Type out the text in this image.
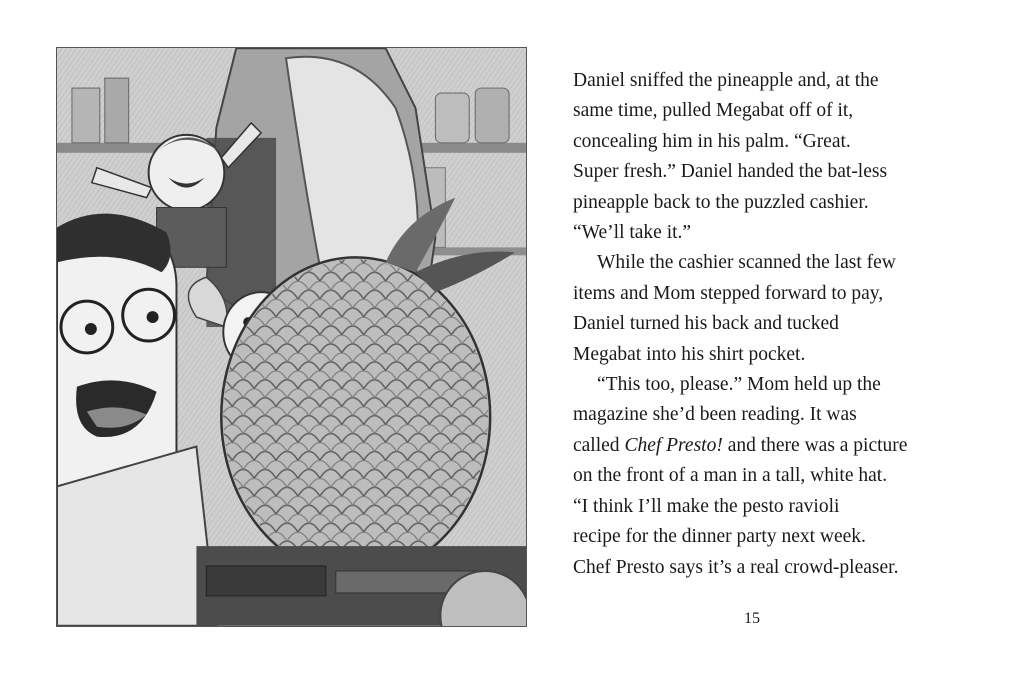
Daniel sniffed the pineapple and, at the

same time, pulled Megabat off of it,

concealing him in his palm. “Great.

Super fresh.” Daniel handed the bat-less

pineapple back to the puzzled cashier.

“We’ll take it.”

While the cashier scanned the last few

items and Mom stepped forward to pay,

Daniel turned his back and tucked

Megabat into his shirt pocket.

“This too, please.” Mom held up the

magazine she’d been reading. It was

called Chef Presto! and there was a picture

on the front of a man in a tall, white hat.

“I think I’ll make the pesto ravioli

recipe for the dinner party next week.

Chef Presto says it’s a real crowd-pleaser.

15
